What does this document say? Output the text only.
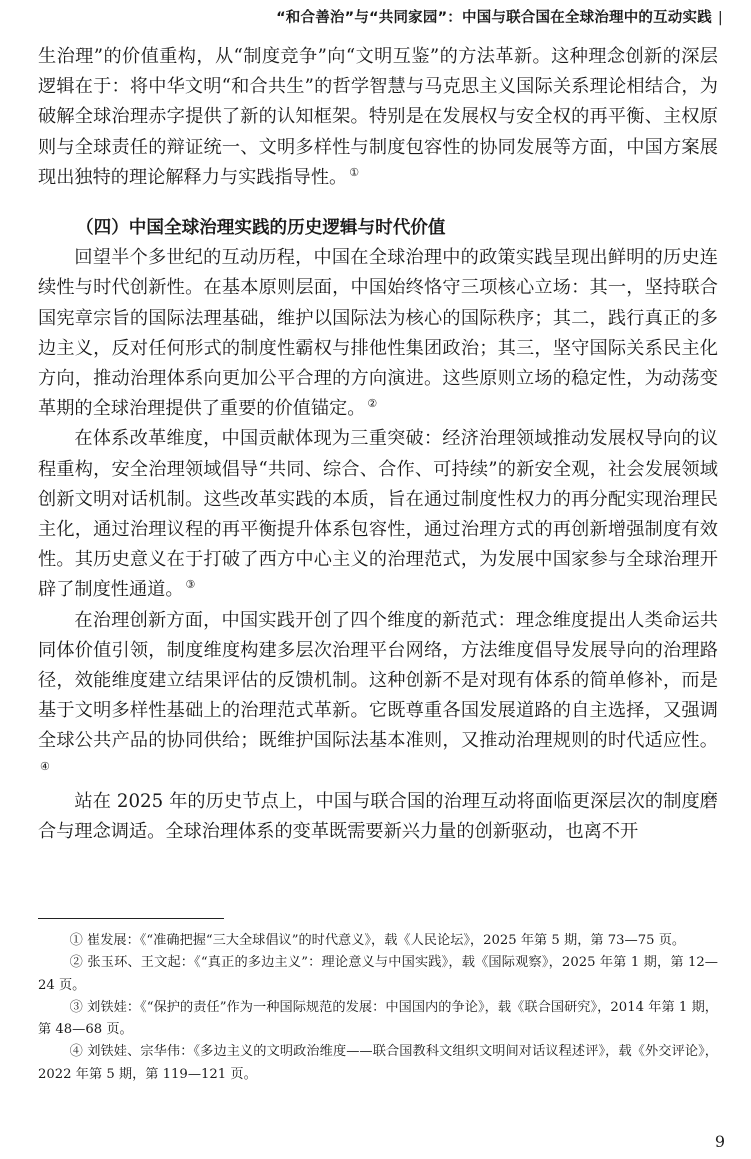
“和合善治”与“共同家园”：中国与联合国在全球治理中的互动实践 |

生治理”的价值重构，从“制度竞争”向“文明互鉴”的方法革新。这种理念创新的深层逻辑在于：将中华文明“和合共生”的哲学智慧与马克思主义国际关系理论相结合，为破解全球治理赤字提供了新的认知框架。特别是在发展权与安全权的再平衡、主权原则与全球责任的辩证统一、文明多样性与制度包容性的协同发展等方面，中国方案展现出独特的理论解释力与实践指导性。 ①

（四）中国全球治理实践的历史逻辑与时代价值

回望半个多世纪的互动历程，中国在全球治理中的政策实践呈现出鲜明的历史连续性与时代创新性。在基本原则层面，中国始终恪守三项核心立场：其一，坚持联合国宪章宗旨的国际法理基础，维护以国际法为核心的国际秩序；其二，践行真正的多边主义，反对任何形式的制度性霸权与排他性集团政治；其三，坚守国际关系民主化方向，推动治理体系向更加公平合理的方向演进。这些原则立场的稳定性，为动荡变革期的全球治理提供了重要的价值锚定。 ②

在体系改革维度，中国贡献体现为三重突破：经济治理领域推动发展权导向的议程重构，安全治理领域倡导“共同、综合、合作、可持续”的新安全观，社会发展领域创新文明对话机制。这些改革实践的本质，旨在通过制度性权力的再分配实现治理民主化，通过治理议程的再平衡提升体系包容性，通过治理方式的再创新增强制度有效性。其历史意义在于打破了西方中心主义的治理范式，为发展中国家参与全球治理开辟了制度性通道。 ③

在治理创新方面，中国实践开创了四个维度的新范式：理念维度提出人类命运共同体价值引领，制度维度构建多层次治理平台网络，方法维度倡导发展导向的治理路径，效能维度建立结果评估的反馈机制。这种创新不是对现有体系的简单修补，而是基于文明多样性基础上的治理范式革新。它既尊重各国发展道路的自主选择，又强调全球公共产品的协同供给；既维护国际法基本准则，又推动治理规则的时代适应性。④

站在 2025 年的历史节点上，中国与联合国的治理互动将面临更深层次的制度磨合与理念调适。全球治理体系的变革既需要新兴力量的创新驱动，也离不开

① 崔发展：《“准确把握“三大全球倡议”的时代意义》，载《人民论坛》，2025 年第 5 期，第 73—75 页。

② 张玉环、王文起：《“真正的多边主义”：理论意义与中国实践》，载《国际观察》，2025 年第 1 期，第 12—24 页。

③ 刘铁娃：《“保护的责任”作为一种国际规范的发展：中国国内的争论》，载《联合国研究》，2014 年第 1 期，第 48—68 页。

④ 刘铁娃、宗华伟：《多边主义的文明政治维度——联合国教科文组织文明间对话议程述评》，载《外交评论》，2022 年第 5 期，第 119—121 页。

9
